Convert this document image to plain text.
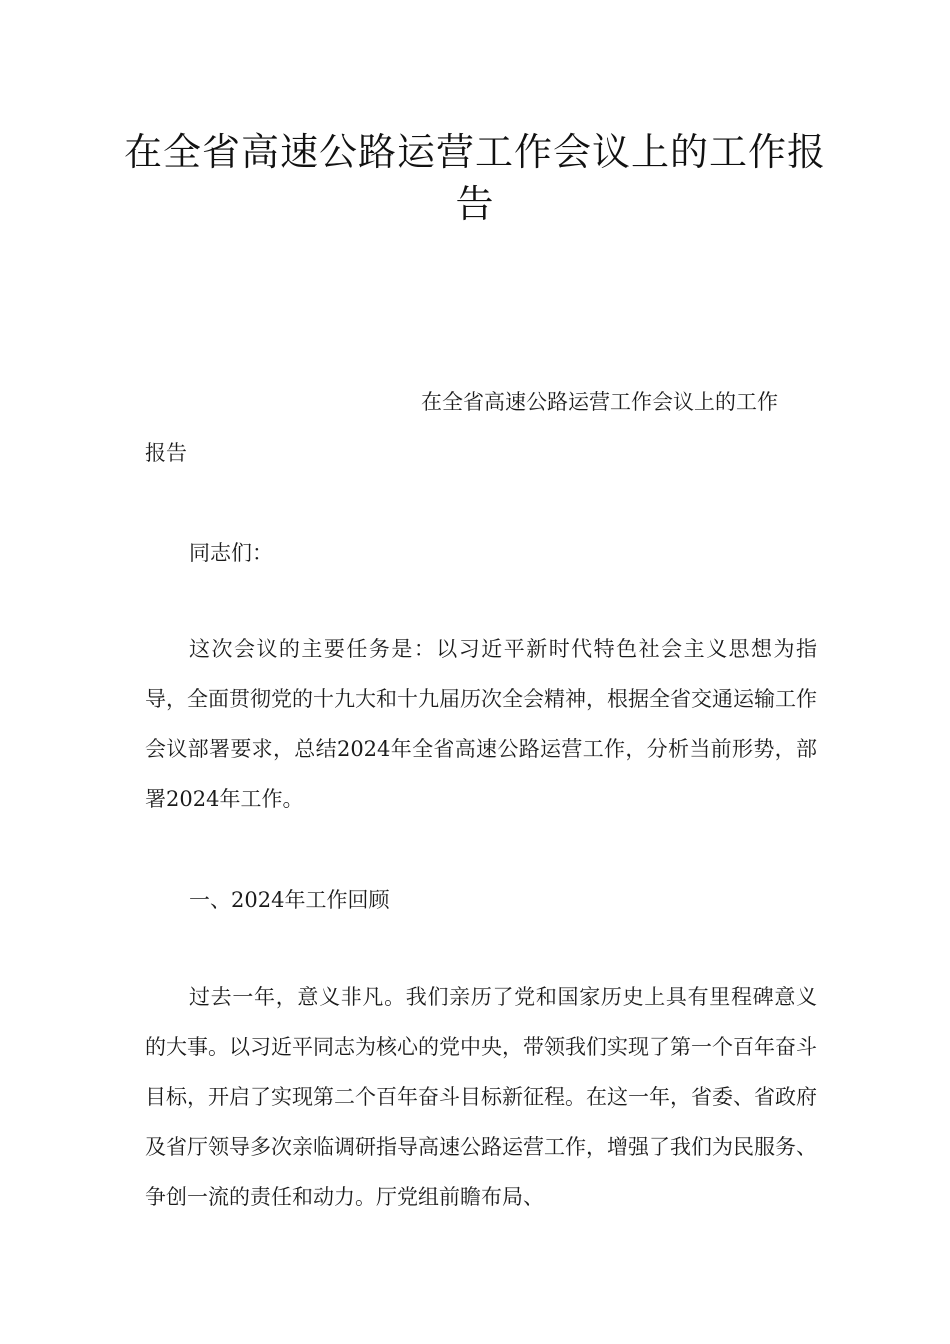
在全省高速公路运营工作会议上的工作报告

在全省高速公路运营工作会议上的工作

报告

同志们：

这次会议的主要任务是：以习近平新时代特色社会主义思想为指导，全面贯彻党的十九大和十九届历次全会精神，根据全省交通运输工作会议部署要求，总结2024年全省高速公路运营工作，分析当前形势，部署2024年工作。

一、2024年工作回顾

过去一年，意义非凡。我们亲历了党和国家历史上具有里程碑意义的大事。以习近平同志为核心的党中央，带领我们实现了第一个百年奋斗目标，开启了实现第二个百年奋斗目标新征程。在这一年，省委、省政府及省厅领导多次亲临调研指导高速公路运营工作，增强了我们为民服务、争创一流的责任和动力。厅党组前瞻布局、
